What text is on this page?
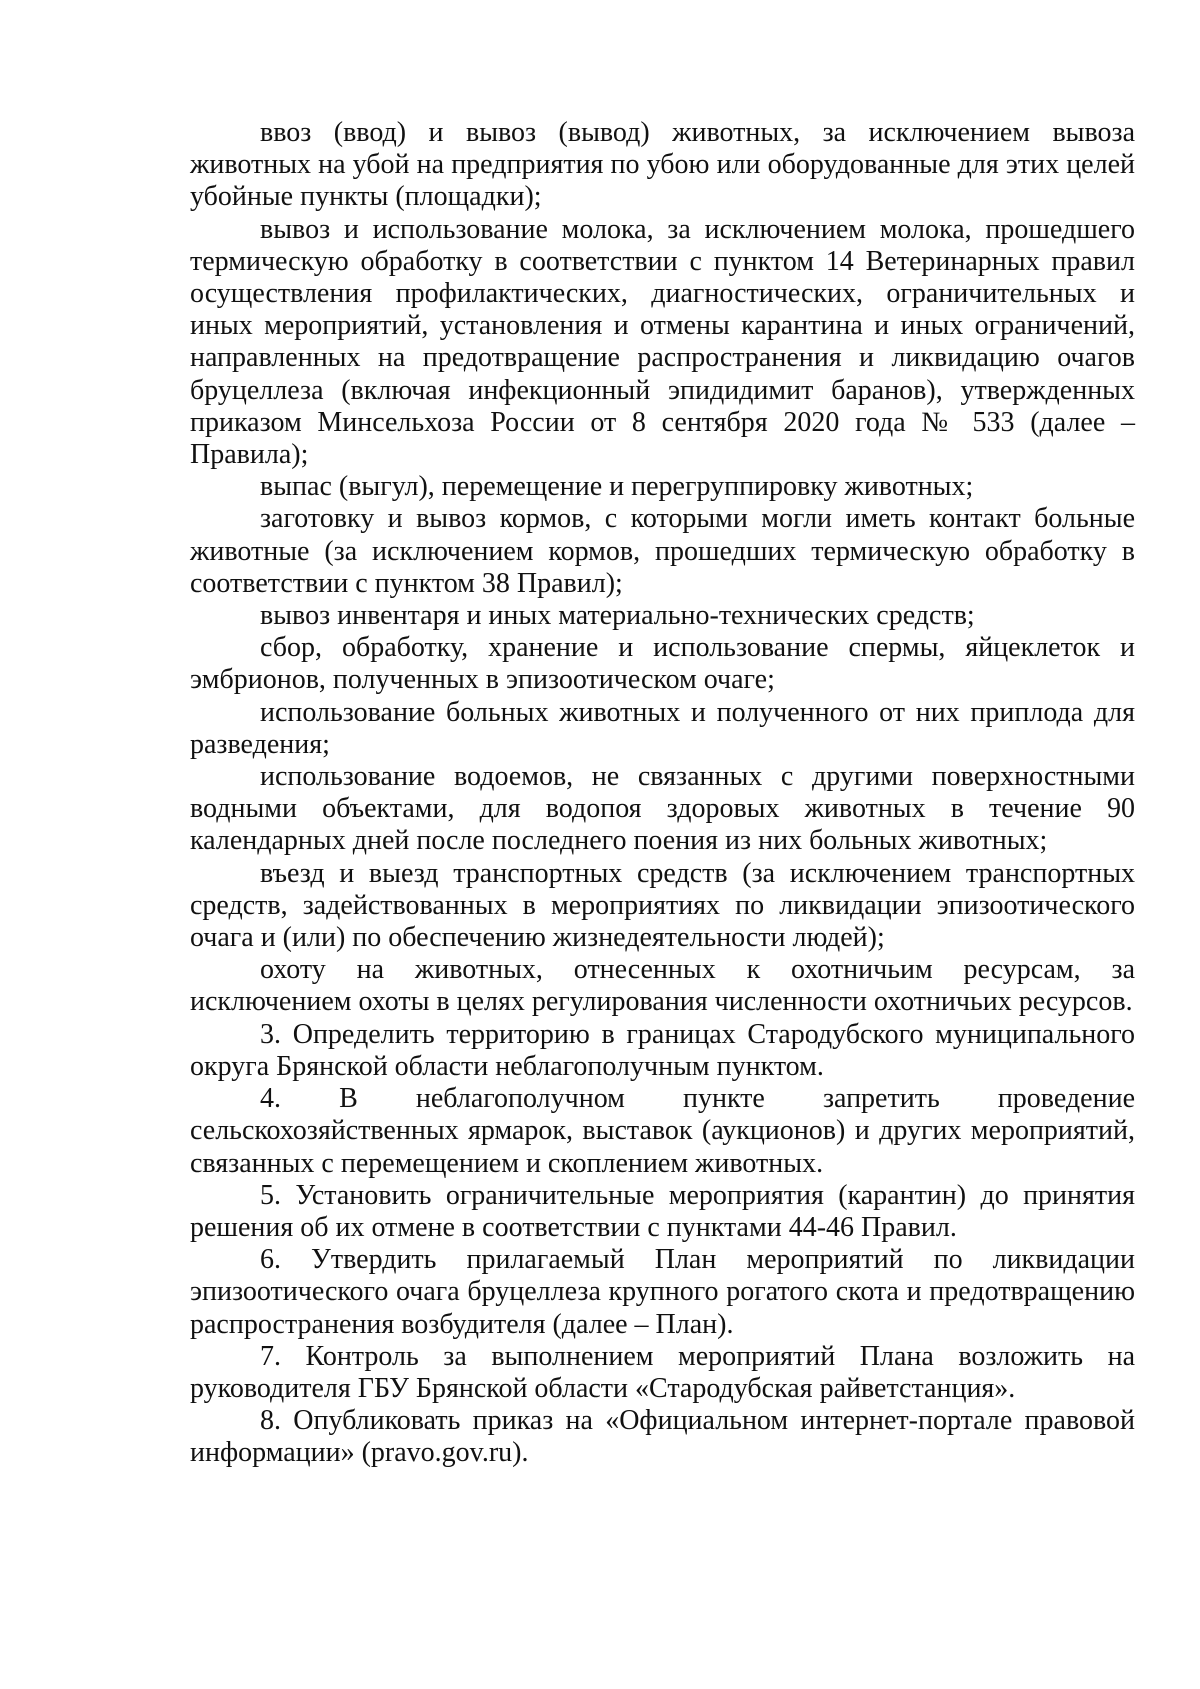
ввоз (ввод) и вывоз (вывод) животных, за исключением вывоза животных на убой на предприятия по убою или оборудованные для этих целей убойные пункты (площадки);

вывоз и использование молока, за исключением молока, прошедшего термическую обработку в соответствии с пунктом 14 Ветеринарных правил осуществления профилактических, диагностических, ограничительных и иных мероприятий, установления и отмены карантина и иных ограничений, направленных на предотвращение распространения и ликвидацию очагов бруцеллеза (включая инфекционный эпидидимит баранов), утвержденных приказом Минсельхоза России от 8 сентября 2020 года № 533 (далее – Правила);

выпас (выгул), перемещение и перегруппировку животных;

заготовку и вывоз кормов, с которыми могли иметь контакт больные животные (за исключением кормов, прошедших термическую обработку в соответствии с пунктом 38 Правил);

вывоз инвентаря и иных материально-технических средств;

сбор, обработку, хранение и использование спермы, яйцеклеток и эмбрионов, полученных в эпизоотическом очаге;

использование больных животных и полученного от них приплода для разведения;

использование водоемов, не связанных с другими поверхностными водными объектами, для водопоя здоровых животных в течение 90 календарных дней после последнего поения из них больных животных;

въезд и выезд транспортных средств (за исключением транспортных средств, задействованных в мероприятиях по ликвидации эпизоотического очага и (или) по обеспечению жизнедеятельности людей);

охоту на животных, отнесенных к охотничьим ресурсам, за исключением охоты в целях регулирования численности охотничьих ресурсов.

3. Определить территорию в границах Стародубского муниципального округа Брянской области неблагополучным пунктом.

4. В неблагополучном пункте запретить проведение сельскохозяйственных ярмарок, выставок (аукционов) и других мероприятий, связанных с перемещением и скоплением животных.

5. Установить ограничительные мероприятия (карантин) до принятия решения об их отмене в соответствии с пунктами 44-46 Правил.

6. Утвердить прилагаемый План мероприятий по ликвидации эпизоотического очага бруцеллеза крупного рогатого скота и предотвращению распространения возбудителя (далее – План).

7. Контроль за выполнением мероприятий Плана возложить на руководителя ГБУ Брянской области «Стародубская райветстанция».

8. Опубликовать приказ на «Официальном интернет-портале правовой информации» (pravo.gov.ru).
